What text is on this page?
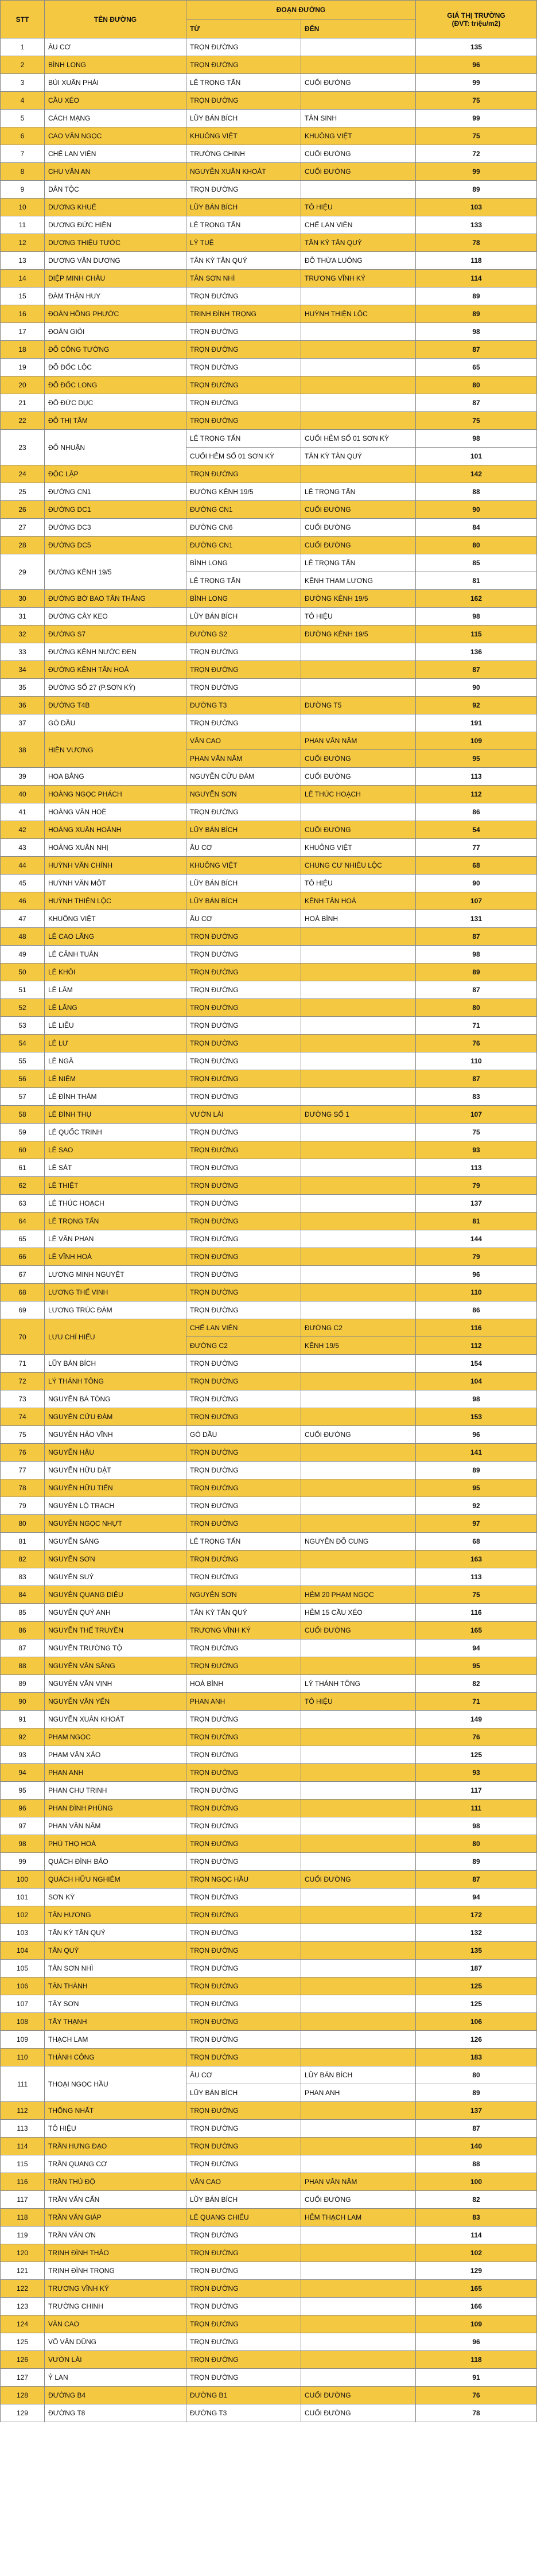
STT	TÊN ĐƯỜNG	ĐOẠN ĐƯỜNG		GIÁ THỊ TRƯỜNG
(ĐVT: triệu/m2)
		TỪ	ĐẾN	
1	ÂU CƠ	TRỌN ĐƯỜNG		135
2	BÌNH LONG	TRỌN ĐƯỜNG		96
3	BÙI XUÂN PHÁI	LÊ TRỌNG TẤN	CUỐI ĐƯỜNG	99
4	CẦU XÉO	TRỌN ĐƯỜNG		75
5	CÁCH MẠNG	LŨY BÁN BÍCH	TÂN SINH	99
6	CAO VĂN NGỌC	KHUÔNG VIỆT	KHUÔNG VIỆT	75
7	CHẾ LAN VIÊN	TRƯỜNG CHINH	CUỐI ĐƯỜNG	72
8	CHU VĂN AN	NGUYỄN XUÂN KHOÁT	CUỐI ĐƯỜNG	99
9	DÂN TỘC	TRỌN ĐƯỜNG		89
10	DƯƠNG KHUÊ	LŨY BÁN BÍCH	TÔ HIỆU	103
11	DƯƠNG ĐỨC HIỀN	LÊ TRỌNG TẤN	CHẾ LAN VIÊN	133
12	DƯƠNG THIỆU TƯỚC	LÝ TUỆ	TÂN KỲ TÂN QUÝ	78
13	DƯƠNG VĂN DƯƠNG	TÂN KỲ TÂN QUÝ	ĐỖ THỪA LUÔNG	118
14	DIỆP MINH CHÂU	TÂN SƠN NHÌ	TRƯƠNG VĨNH KÝ	114
15	ĐÀM THẬN HUY	TRỌN ĐƯỜNG		89
16	ĐOÀN HỒNG PHƯỚC	TRỊNH ĐÌNH TRỌNG	HUỲNH THIỆN LỘC	89
17	ĐOÀN GIỎI	TRỌN ĐƯỜNG		98
18	ĐỖ CÔNG TƯỜNG	TRỌN ĐƯỜNG		87
19	ĐỖ ĐỐC LỘC	TRỌN ĐƯỜNG		65
20	ĐỖ ĐỐC LONG	TRỌN ĐƯỜNG		80
21	ĐỖ ĐỨC DỤC	TRỌN ĐƯỜNG		87
22	ĐỖ THỊ TÂM	TRỌN ĐƯỜNG		75
23	ĐỖ NHUẬN	LÊ TRỌNG TẤN	CUỐI HẺM SỐ 01 SƠN KỲ	98
		CUỐI HẺM SỐ 01 SƠN KỲ	TÂN KỲ TÂN QUÝ	101
24	ĐỘC LẬP	TRỌN ĐƯỜNG		142
25	ĐƯỜNG CN1	ĐƯỜNG KÊNH 19/5	LÊ TRỌNG TẤN	88
26	ĐƯỜNG DC1	ĐƯỜNG CN1	CUỐI ĐƯỜNG	90
27	ĐƯỜNG DC3	ĐƯỜNG CN6	CUỐI ĐƯỜNG	84
28	ĐƯỜNG DC5	ĐƯỜNG CN1	CUỐI ĐƯỜNG	80
29	ĐƯỜNG KÊNH 19/5	BÌNH LONG	LÊ TRỌNG TẤN	85
		LÊ TRỌNG TẤN	KÊNH THAM LƯƠNG	81
30	ĐƯỜNG BỜ BAO TÂN THẮNG	BÌNH LONG	ĐƯỜNG KÊNH 19/5	162
31	ĐƯỜNG CÂY KEO	LŨY BÁN BÍCH	TÔ HIỆU	98
32	ĐƯỜNG S7	ĐƯỜNG S2	ĐƯỜNG KÊNH 19/5	115
33	ĐƯỜNG KÊNH NƯỚC ĐEN	TRỌN ĐƯỜNG		136
34	ĐƯỜNG KÊNH TÂN HOÁ	TRỌN ĐƯỜNG		87
35	ĐƯỜNG SỐ 27 (P.SƠN KỲ)	TRỌN ĐƯỜNG		90
36	ĐƯỜNG T4B	ĐƯỜNG T3	ĐƯỜNG T5	92
37	GÒ DẦU	TRỌN ĐƯỜNG		191
38	HIỀN VƯƠNG	VĂN CAO	PHAN VĂN NĂM	109
		PHAN VĂN NĂM	CUỐI ĐƯỜNG	95
39	HOA BẰNG	NGUYỄN CỬU ĐÀM	CUỐI ĐƯỜNG	113
40	HOÀNG NGỌC PHÁCH	NGUYỄN SƠN	LÊ THÚC HOẠCH	112
41	HOÀNG VĂN HOÈ	TRỌN ĐƯỜNG		86
42	HOÀNG XUÂN HOÀNH	LŨY BÁN BÍCH	CUỐI ĐƯỜNG	54
43	HOÀNG XUÂN NHỊ	ÂU CƠ	KHUÔNG VIỆT	77
44	HUỲNH VĂN CHÍNH	KHUÔNG VIỆT	CHUNG CƯ NHIÊU LỘC	68
45	HUỲNH VĂN MỘT	LŨY BÁN BÍCH	TÔ HIỆU	90
46	HUỲNH THIỆN LỘC	LŨY BÁN BÍCH	KÊNH TÂN HOÁ	107
47	KHUÔNG VIỆT	ÂU CƠ	HOÀ BÌNH	131
48	LÊ CAO LÃNG	TRỌN ĐƯỜNG		87
49	LÊ CẢNH TUÂN	TRỌN ĐƯỜNG		98
50	LÊ KHÔI	TRỌN ĐƯỜNG		89
51	LÊ LÂM	TRỌN ĐƯỜNG		87
52	LÊ LĂNG	TRỌN ĐƯỜNG		80
53	LÊ LIỄU	TRỌN ĐƯỜNG		71
54	LÊ LƯ	TRỌN ĐƯỜNG		76
55	LÊ NGÃ	TRỌN ĐƯỜNG		110
56	LÊ NIỆM	TRỌN ĐƯỜNG		87
57	LÊ ĐÌNH THÁM	TRỌN ĐƯỜNG		83
58	LÊ ĐÌNH THỤ	VƯỜN LÀI	ĐƯỜNG SỐ 1	107
59	LÊ QUỐC TRINH	TRỌN ĐƯỜNG		75
60	LÊ SAO	TRỌN ĐƯỜNG		93
61	LÊ SÁT	TRỌN ĐƯỜNG		113
62	LÊ THIỆT	TRỌN ĐƯỜNG		79
63	LÊ THÚC HOẠCH	TRỌN ĐƯỜNG		137
64	LÊ TRỌNG TẤN	TRỌN ĐƯỜNG		81
65	LÊ VĂN PHAN	TRỌN ĐƯỜNG		144
66	LÊ VĨNH HOÀ	TRỌN ĐƯỜNG		79
67	LƯƠNG MINH NGUYỆT	TRỌN ĐƯỜNG		96
68	LƯƠNG THẾ VINH	TRỌN ĐƯỜNG		110
69	LƯƠNG TRÚC ĐÀM	TRỌN ĐƯỜNG		86
70	LƯU CHÍ HIẾU	CHẾ LAN VIÊN	ĐƯỜNG C2	116
		ĐƯỜNG C2	KÊNH 19/5	112
71	LŨY BÁN BÍCH	TRỌN ĐƯỜNG		154
72	LÝ THÁNH TÔNG	TRỌN ĐƯỜNG		104
73	NGUYỄN BÁ TÒNG	TRỌN ĐƯỜNG		98
74	NGUYỄN CỬU ĐÀM	TRỌN ĐƯỜNG		153
75	NGUYỄN HẢO VĨNH	GÒ DẦU	CUỐI ĐƯỜNG	96
76	NGUYỄN HẬU	TRỌN ĐƯỜNG		141
77	NGUYỄN HỮU DẬT	TRỌN ĐƯỜNG		89
78	NGUYỄN HỮU TIẾN	TRỌN ĐƯỜNG		95
79	NGUYỄN LỘ TRẠCH	TRỌN ĐƯỜNG		92
80	NGUYỄN NGỌC NHỰT	TRỌN ĐƯỜNG		97
81	NGUYỄN SÁNG	LÊ TRỌNG TẤN	NGUYỄN ĐỖ CUNG	68
82	NGUYỄN SƠN	TRỌN ĐƯỜNG		163
83	NGUYỄN SUÝ	TRỌN ĐƯỜNG		113
84	NGUYỄN QUANG DIÊU	NGUYỄN SƠN	HẺM 20 PHẠM NGỌC	75
85	NGUYỄN QUÝ ANH	TÂN KỲ TÂN QUÝ	HẺM 15 CẦU XÉO	116
86	NGUYỄN THẾ TRUYỀN	TRƯƠNG VĨNH KÝ	CUỐI ĐƯỜNG	165
87	NGUYỄN TRƯỜNG TỘ	TRỌN ĐƯỜNG		94
88	NGUYỄN VĂN SĂNG	TRỌN ĐƯỜNG		95
89	NGUYỄN VĂN VỊNH	HOÀ BÌNH	LÝ THÁNH TÔNG	82
90	NGUYỄN VĂN YẾN	PHAN ANH	TÔ HIỆU	71
91	NGUYỄN XUÂN KHOÁT	TRỌN ĐƯỜNG		149
92	PHẠM NGỌC	TRỌN ĐƯỜNG		76
93	PHẠM VĂN XẢO	TRỌN ĐƯỜNG		125
94	PHAN ANH	TRỌN ĐƯỜNG		93
95	PHAN CHU TRINH	TRỌN ĐƯỜNG		117
96	PHAN ĐÌNH PHÙNG	TRỌN ĐƯỜNG		111
97	PHAN VĂN NĂM	TRỌN ĐƯỜNG		98
98	PHÚ THỌ HOÀ	TRỌN ĐƯỜNG		80
99	QUÁCH ĐÌNH BẢO	TRỌN ĐƯỜNG		89
100	QUÁCH HỮU NGHIÊM	TRỌN NGỌC HẦU	CUỐI ĐƯỜNG	87
101	SƠN KỲ	TRỌN ĐƯỜNG		94
102	TÂN HƯƠNG	TRỌN ĐƯỜNG		172
103	TÂN KỲ TÂN QUÝ	TRỌN ĐƯỜNG		132
104	TÂN QUÝ	TRỌN ĐƯỜNG		135
105	TÂN SƠN NHÌ	TRỌN ĐƯỜNG		187
106	TÂN THÀNH	TRỌN ĐƯỜNG		125
107	TÂY SƠN	TRỌN ĐƯỜNG		125
108	TÂY THẠNH	TRỌN ĐƯỜNG		106
109	THẠCH LAM	TRỌN ĐƯỜNG		126
110	THÀNH CÔNG	TRỌN ĐƯỜNG		183
111	THOẠI NGỌC HẦU	ÂU CƠ	LŨY BÁN BÍCH	80
		LŨY BÁN BÍCH	PHAN ANH	89
112	THỐNG NHẤT	TRỌN ĐƯỜNG		137
113	TÔ HIỆU	TRỌN ĐƯỜNG		87
114	TRẦN HƯNG ĐẠO	TRỌN ĐƯỜNG		140
115	TRẦN QUANG CƠ	TRỌN ĐƯỜNG		88
116	TRẦN THỦ ĐỘ	VĂN CAO	PHAN VĂN NĂM	100
117	TRẦN VĂN CẨN	LŨY BÁN BÍCH	CUỐI ĐƯỜNG	82
118	TRẦN VĂN GIÁP	LÊ QUANG CHIỂU	HẺM THẠCH LAM	83
119	TRẦN VĂN ƠN	TRỌN ĐƯỜNG		114
120	TRỊNH ĐÌNH THẢO	TRỌN ĐƯỜNG		102
121	TRỊNH ĐÌNH TRỌNG	TRỌN ĐƯỜNG		129
122	TRƯƠNG VĨNH KÝ	TRỌN ĐƯỜNG		165
123	TRƯỜNG CHINH	TRỌN ĐƯỜNG		166
124	VĂN CAO	TRỌN ĐƯỜNG		109
125	VÕ VĂN DŨNG	TRỌN ĐƯỜNG		96
126	VƯỜN LÀI	TRỌN ĐƯỜNG		118
127	Ỷ LAN	TRỌN ĐƯỜNG		91
128	ĐƯỜNG B4	ĐƯỜNG B1	CUỐI ĐƯỜNG	76
129	ĐƯỜNG T8	ĐƯỜNG T3	CUỐI ĐƯỜNG	78
